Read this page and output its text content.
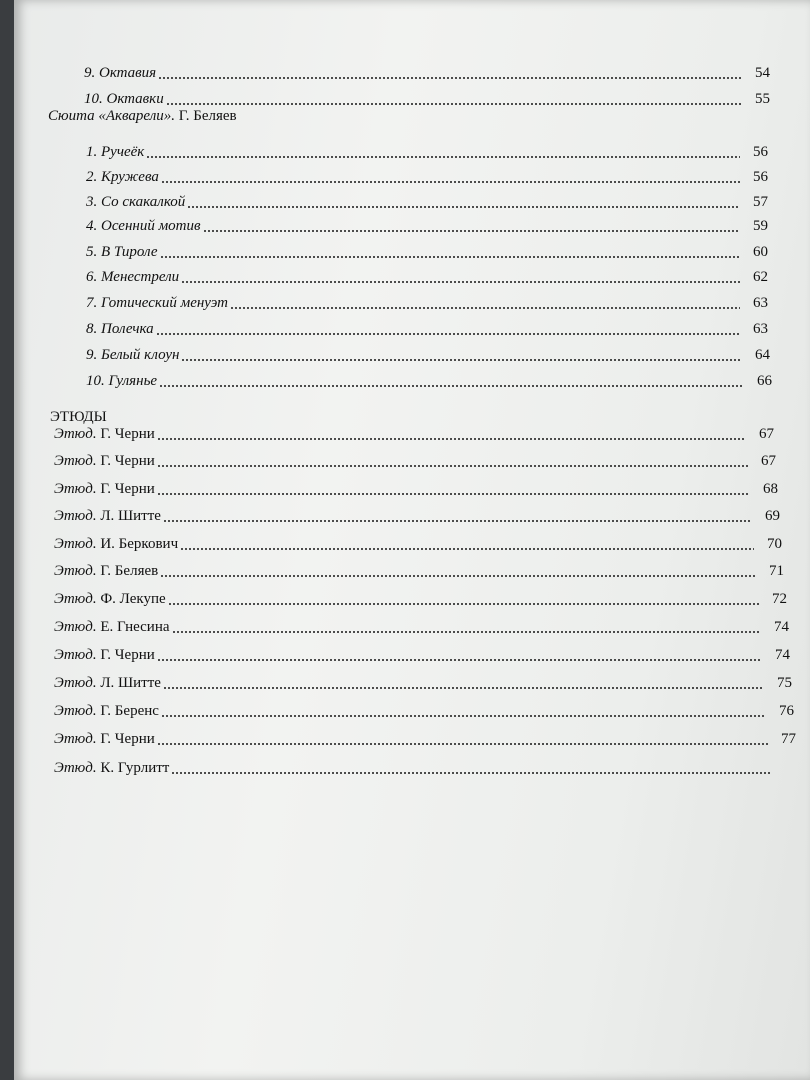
9. Октавия	54
10. Октавки	55
Сюита «Акварели». Г. Беляев
1. Ручеёк	56
2. Кружева	56
3. Со скакалкой	57
4. Осенний мотив	59
5. В Тироле	60
6. Менестрели	62
7. Готический менуэт	63
8. Полечка	63
9. Белый клоун	64
10. Гулянье	66
ЭТЮДЫ
Этюд. Г. Черни	67
Этюд. Г. Черни	67
Этюд. Г. Черни	68
Этюд. Л. Шитте	69
Этюд. И. Беркович	70
Этюд. Г. Беляев	71
Этюд. Ф. Лекупе	72
Этюд. Е. Гнесина	74
Этюд. Г. Черни	74
Этюд. Л. Шитте	75
Этюд. Г. Беренс	76
Этюд. Г. Черни	77
Этюд. К. Гурлитт
